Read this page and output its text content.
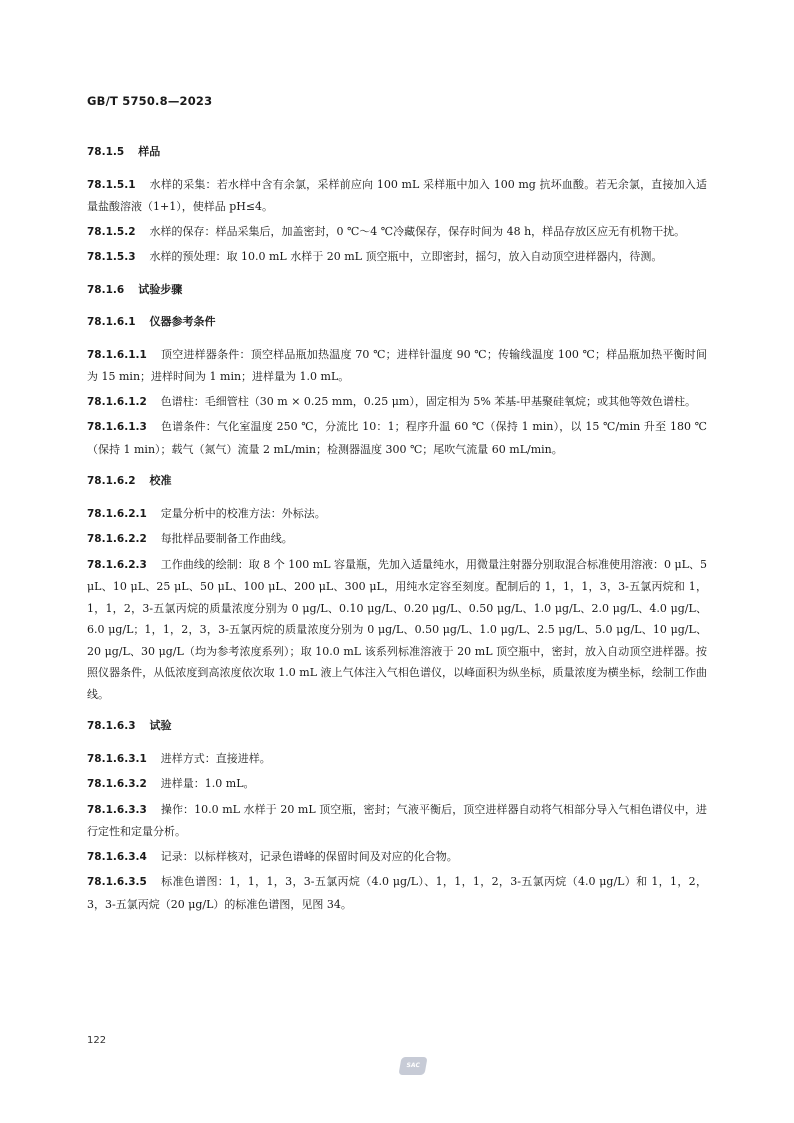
GB/T 5750.8—2023
78.1.5 样品
78.1.5.1 水样的采集：若水样中含有余氯，采样前应向 100 mL 采样瓶中加入 100 mg 抗坏血酸。若无余氯，直接加入适量盐酸溶液（1+1），使样品 pH≤4。
78.1.5.2 水样的保存：样品采集后，加盖密封，0 ℃～4 ℃冷藏保存，保存时间为 48 h，样品存放区应无有机物干扰。
78.1.5.3 水样的预处理：取 10.0 mL 水样于 20 mL 顶空瓶中，立即密封，摇匀，放入自动顶空进样器内，待测。
78.1.6 试验步骤
78.1.6.1 仪器参考条件
78.1.6.1.1 顶空进样器条件：顶空样品瓶加热温度 70 ℃；进样针温度 90 ℃；传输线温度 100 ℃；样品瓶加热平衡时间为 15 min；进样时间为 1 min；进样量为 1.0 mL。
78.1.6.1.2 色谱柱：毛细管柱（30 m × 0.25 mm，0.25 μm），固定相为 5% 苯基-甲基聚硅氧烷；或其他等效色谱柱。
78.1.6.1.3 色谱条件：气化室温度 250 ℃，分流比 10：1；程序升温 60 ℃（保持 1 min），以 15 ℃/min 升至 180 ℃（保持 1 min）；载气（氮气）流量 2 mL/min；检测器温度 300 ℃；尾吹气流量 60 mL/min。
78.1.6.2 校准
78.1.6.2.1 定量分析中的校准方法：外标法。
78.1.6.2.2 每批样品要制备工作曲线。
78.1.6.2.3 工作曲线的绘制：取 8 个 100 mL 容量瓶，先加入适量纯水，用微量注射器分别取混合标准使用溶液：0 μL、5 μL、10 μL、25 μL、50 μL、100 μL、200 μL、300 μL，用纯水定容至刻度。配制后的 1，1，1，3，3-五氯丙烷和 1，1，1，2，3-五氯丙烷的质量浓度分别为 0 μg/L、0.10 μg/L、0.20 μg/L、0.50 μg/L、1.0 μg/L、2.0 μg/L、4.0 μg/L、6.0 μg/L；1，1，2，3，3-五氯丙烷的质量浓度分别为 0 μg/L、0.50 μg/L、1.0 μg/L、2.5 μg/L、5.0 μg/L、10 μg/L、20 μg/L、30 μg/L（均为参考浓度系列）；取 10.0 mL 该系列标准溶液于 20 mL 顶空瓶中，密封，放入自动顶空进样器。按照仪器条件，从低浓度到高浓度依次取 1.0 mL 液上气体注入气相色谱仪，以峰面积为纵坐标，质量浓度为横坐标，绘制工作曲线。
78.1.6.3 试验
78.1.6.3.1 进样方式：直接进样。
78.1.6.3.2 进样量：1.0 mL。
78.1.6.3.3 操作：10.0 mL 水样于 20 mL 顶空瓶，密封；气液平衡后，顶空进样器自动将气相部分导入气相色谱仪中，进行定性和定量分析。
78.1.6.3.4 记录：以标样核对，记录色谱峰的保留时间及对应的化合物。
78.1.6.3.5 标准色谱图：1，1，1，3，3-五氯丙烷（4.0 μg/L）、1，1，1，2，3-五氯丙烷（4.0 μg/L）和 1，1，2，3，3-五氯丙烷（20 μg/L）的标准色谱图，见图 34。
122
SAC
